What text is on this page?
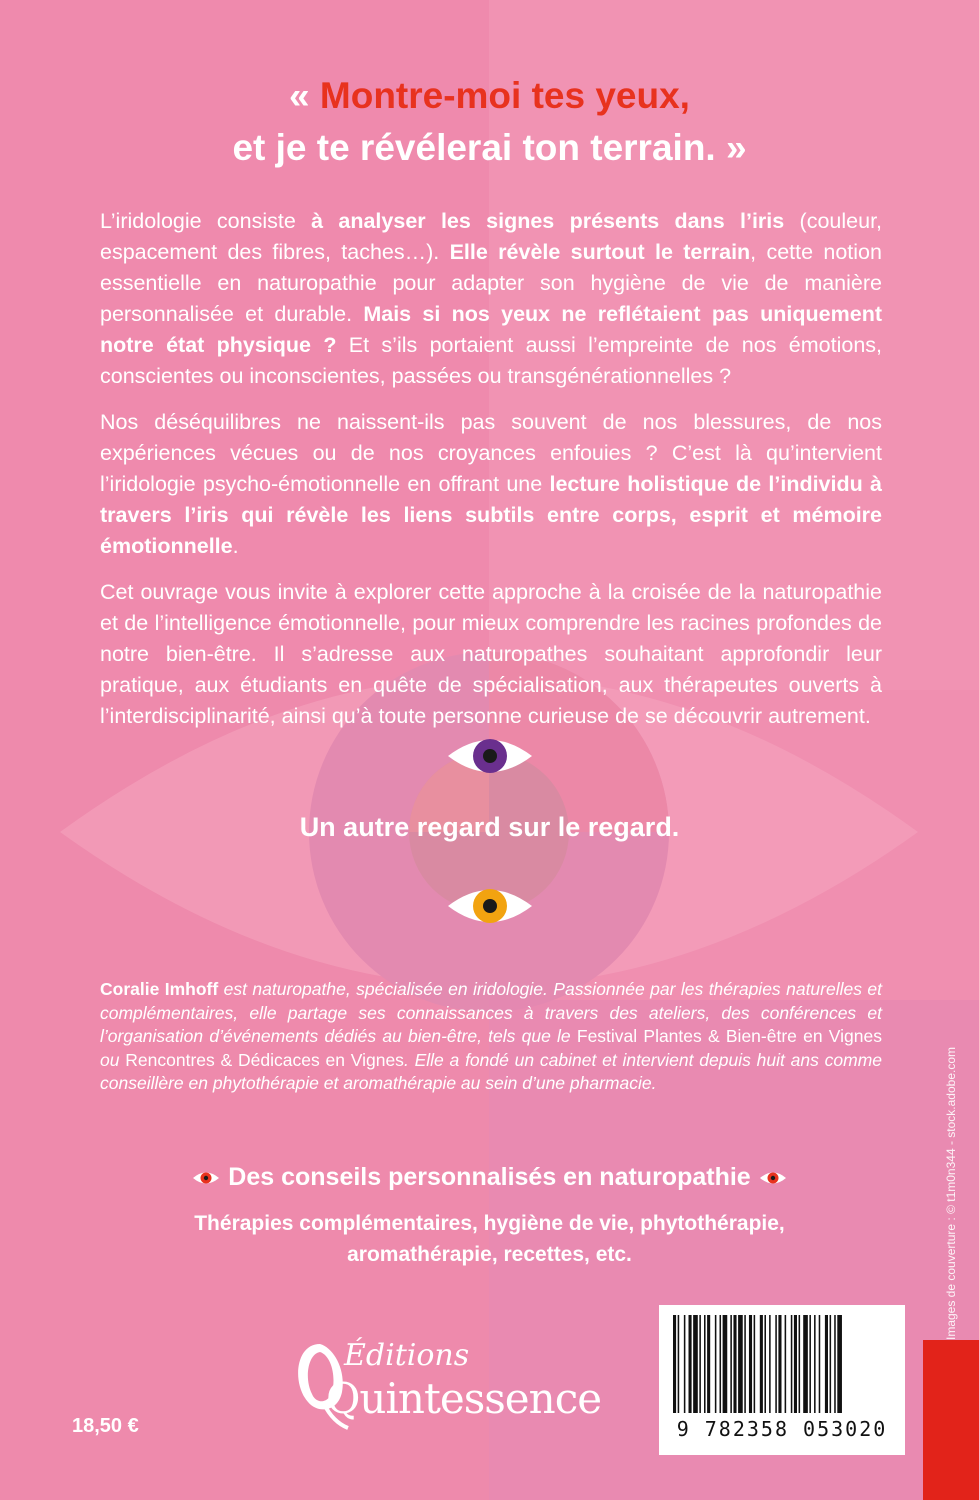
« Montre-moi tes yeux,
et je te révélerai ton terrain. »

L’iridologie consiste à analyser les signes présents dans l’iris (couleur, espacement des fibres, taches…). Elle révèle surtout le terrain, cette notion essentielle en naturopathie pour adapter son hygiène de vie de manière personnalisée et durable. Mais si nos yeux ne reflétaient pas uniquement notre état physique ? Et s’ils portaient aussi l’empreinte de nos émotions, conscientes ou inconscientes, passées ou transgénérationnelles ?

Nos déséquilibres ne naissent-ils pas souvent de nos blessures, de nos expériences vécues ou de nos croyances enfouies ? C’est là qu’intervient l’iridologie psycho-émotionnelle en offrant une lecture holistique de l’individu à travers l’iris qui révèle les liens subtils entre corps, esprit et mémoire émotionnelle.

Cet ouvrage vous invite à explorer cette approche à la croisée de la naturopathie et de l’intelligence émotionnelle, pour mieux comprendre les racines profondes de notre bien-être. Il s’adresse aux naturopathes souhaitant approfondir leur pratique, aux étudiants en quête de spécialisation, aux thérapeutes ouverts à l’interdisciplinarité, ainsi qu’à toute personne curieuse de se découvrir autrement.

Un autre regard sur le regard.
Coralie Imhoff est naturopathe, spécialisée en iridologie. Passionnée par les thérapies naturelles et complémentaires, elle partage ses connaissances à travers des ateliers, des conférences et l’organisation d’événements dédiés au bien-être, tels que le Festival Plantes & Bien-être en Vignes ou Rencontres & Dédicaces en Vignes. Elle a fondé un cabinet et intervient depuis huit ans comme conseillère en phytothérapie et aromathérapie au sein d’une pharmacie.
Des conseils personnalisés en naturopathie
Thérapies complémentaires, hygiène de vie, phytothérapie,
aromathérapie, recettes, etc.	Images de couverture : © t1m0n344 - stock.adobe.com
Éditions
Quintessence
9 782358 053020
18,50 €
